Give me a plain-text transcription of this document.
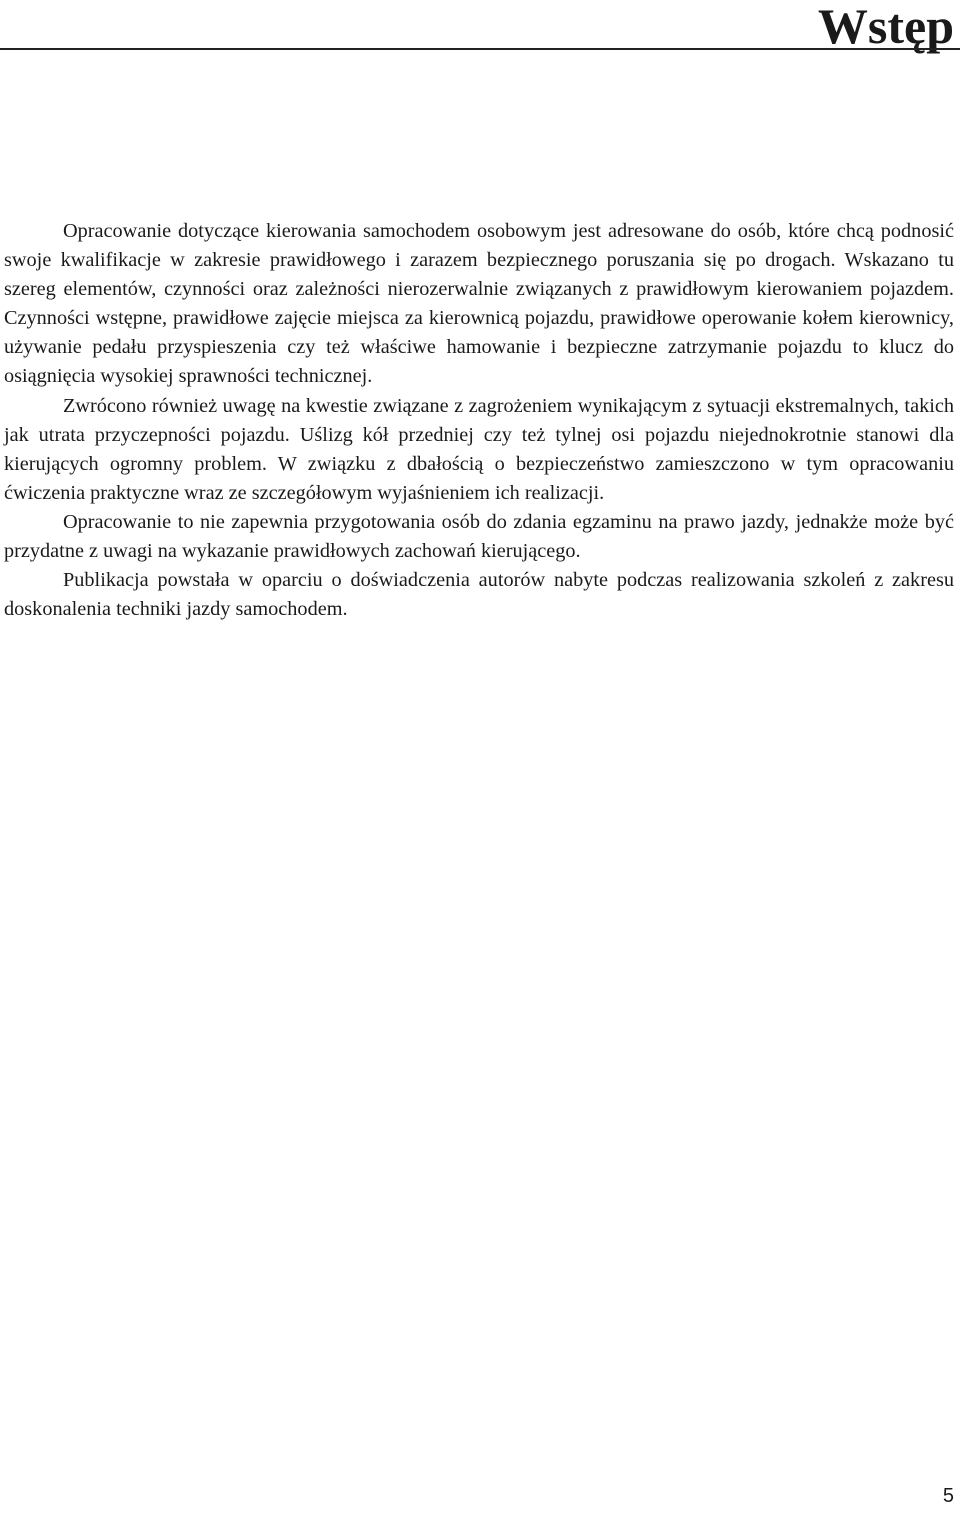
Wstęp

Opracowanie dotyczące kierowania samochodem osobowym jest adresowane do osób, które chcą podnosić swoje kwalifikacje w zakresie prawidłowego i zarazem bezpiecznego poruszania się po drogach. Wskazano tu szereg elementów, czynności oraz zależności nierozerwalnie związanych z prawidłowym kierowaniem pojazdem. Czynności wstępne, prawidłowe zajęcie miejsca za kierownicą pojazdu, prawidłowe operowanie kołem kierownicy, używanie pedału przyspieszenia czy też właściwe hamowanie i bezpieczne zatrzymanie pojazdu to klucz do osiągnięcia wysokiej sprawności technicznej.

Zwrócono również uwagę na kwestie związane z zagrożeniem wynikającym z sytuacji ekstremalnych, takich jak utrata przyczepności pojazdu. Uślizg kół przedniej czy też tylnej osi pojazdu niejednokrotnie stanowi dla kierujących ogromny problem. W związku z dbałością o bezpieczeństwo zamieszczono w tym opracowaniu ćwiczenia praktyczne wraz ze szczegółowym wyjaśnieniem ich realizacji.

Opracowanie to nie zapewnia przygotowania osób do zdania egzaminu na prawo jazdy, jednakże może być przydatne z uwagi na wykazanie prawidłowych zachowań kierującego.

Publikacja powstała w oparciu o doświadczenia autorów nabyte podczas realizowania szkoleń z zakresu doskonalenia techniki jazdy samochodem.

5
